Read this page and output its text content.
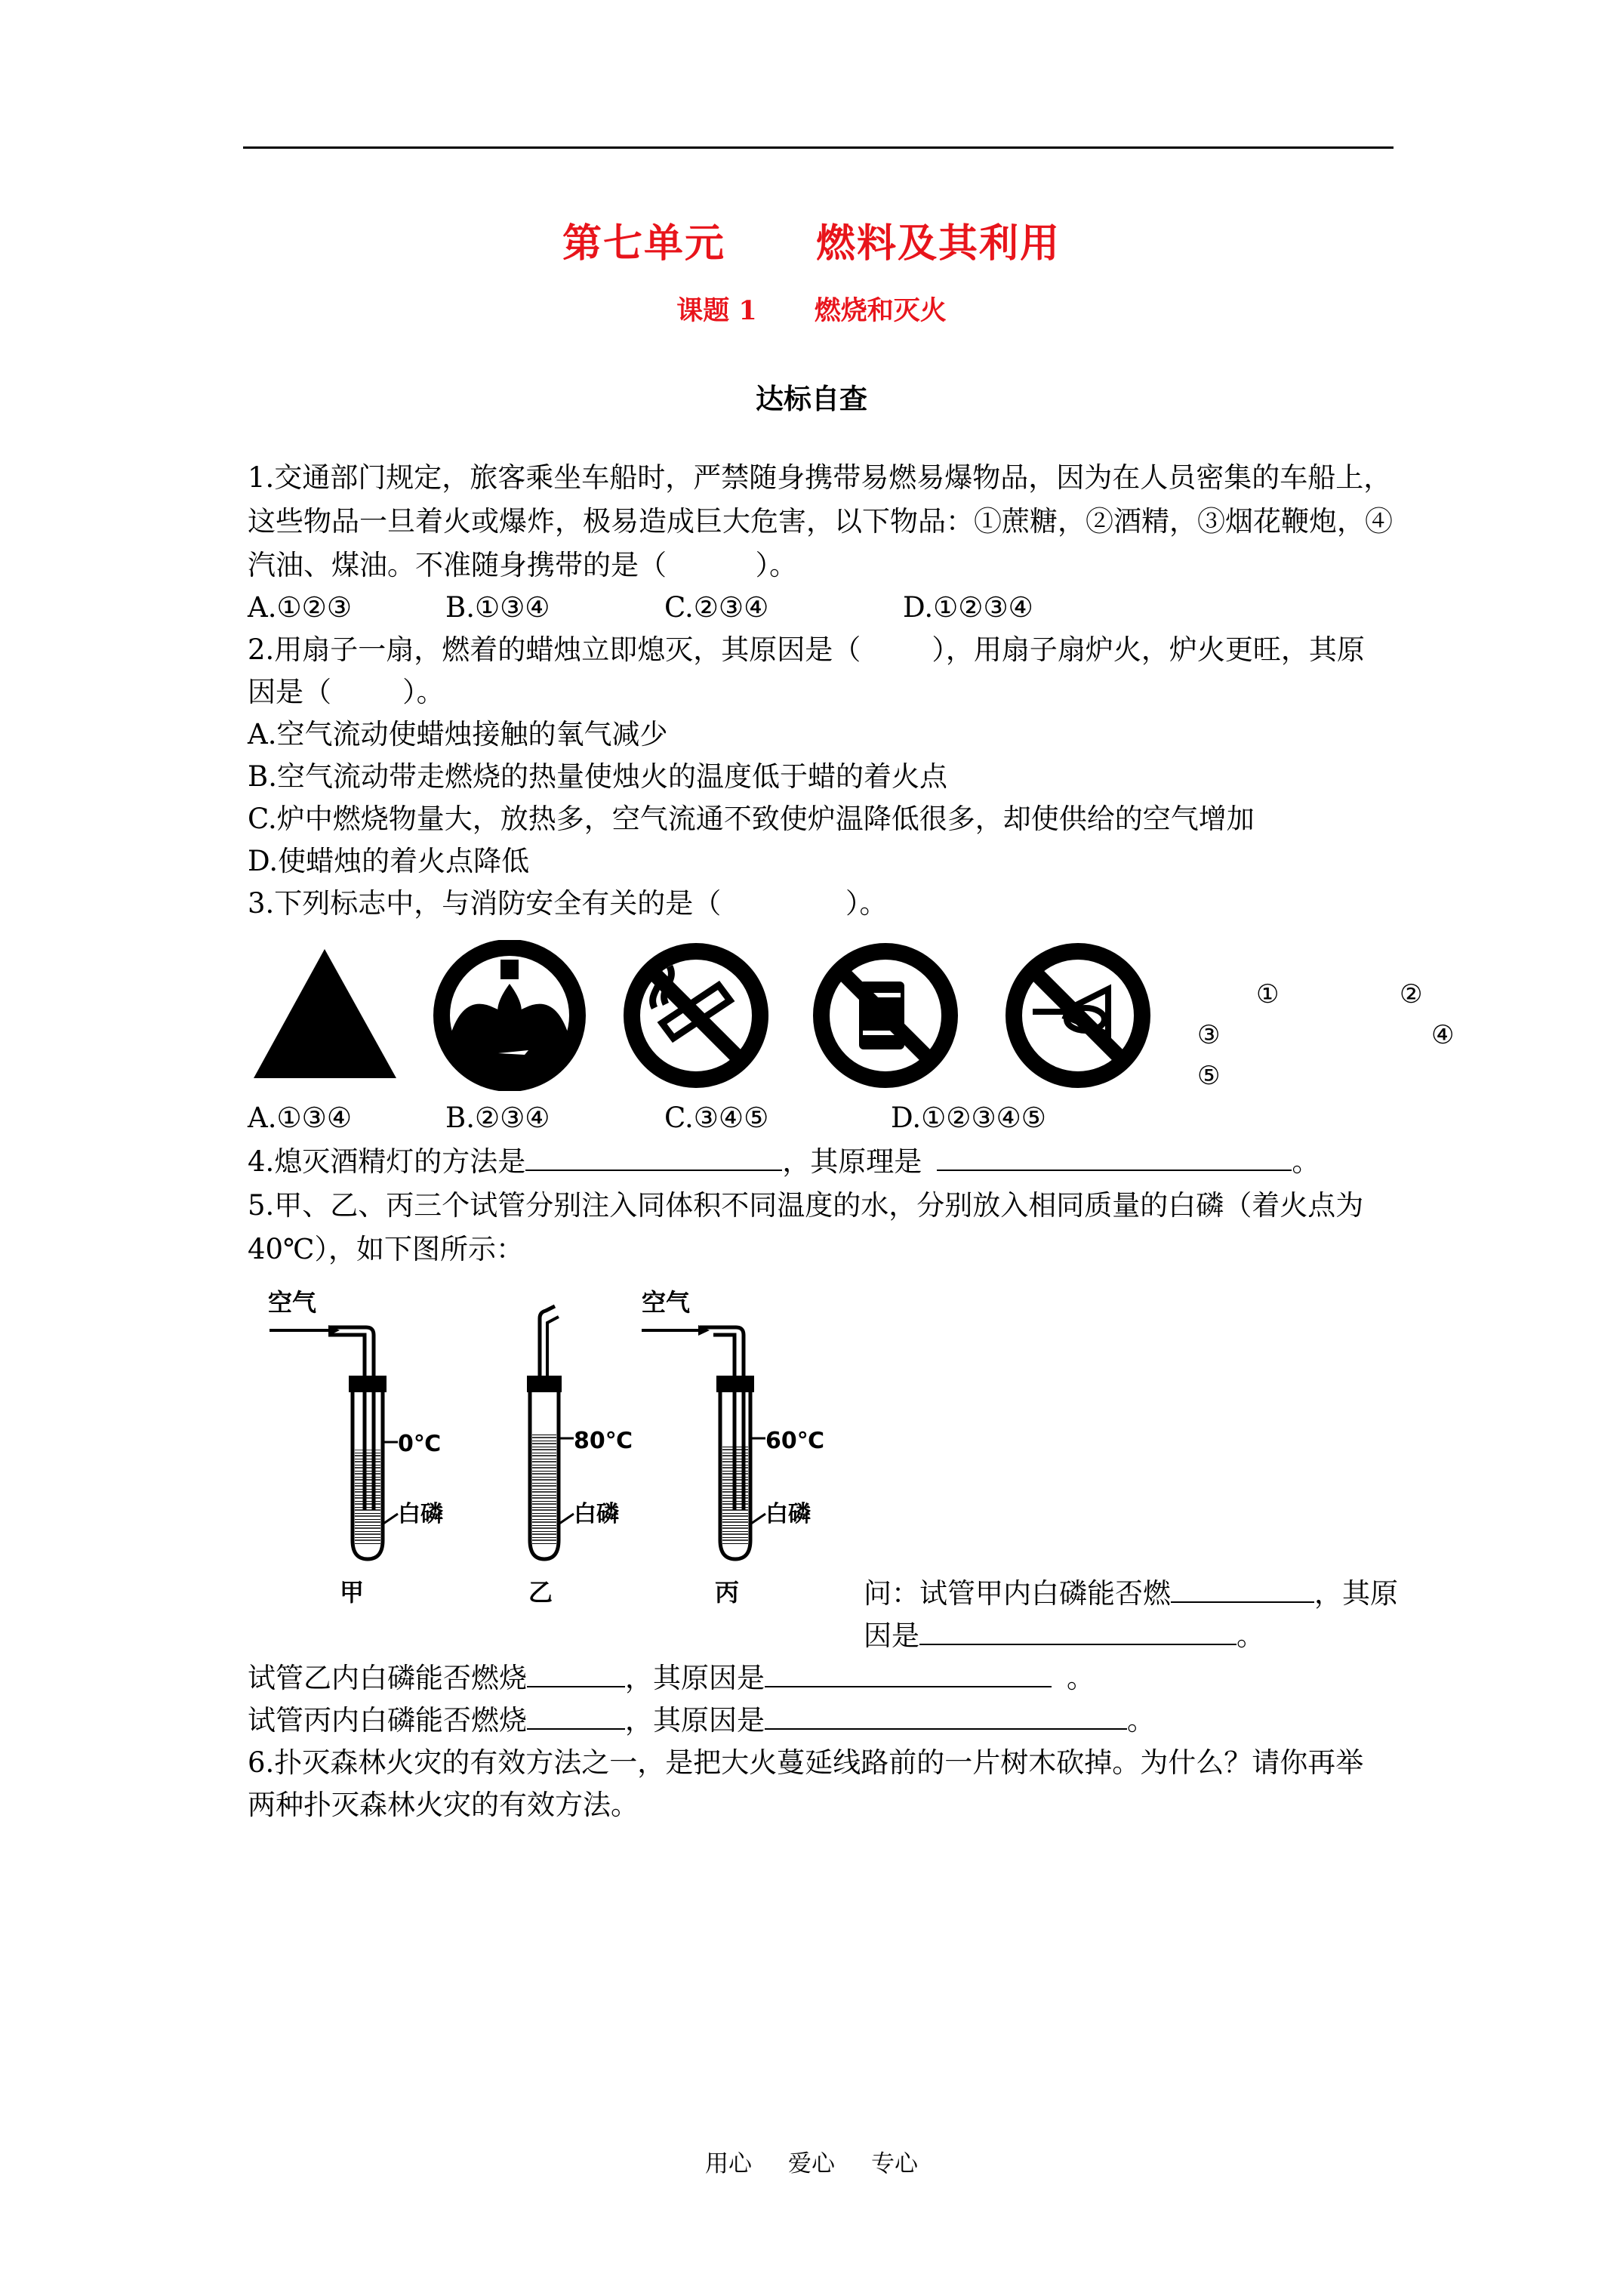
第七单元 燃料及其利用
课题 1 燃烧和灭火
达标自查
1.交通部门规定，旅客乘坐车船时，严禁随身携带易燃易爆物品，因为在人员密集的车船上，
这些物品一旦着火或爆炸，极易造成巨大危害，以下物品：①蔗糖，②酒精，③烟花鞭炮，④
汽油、煤油。不准随身携带的是（          ）。
A.①②③	B.①③④	C.②③④	D.①②③④
2.用扇子一扇，燃着的蜡烛立即熄灭，其原因是（        ），用扇子扇炉火，炉火更旺，其原
因是（        ）。
A.空气流动使蜡烛接触的氧气减少
B.空气流动带走燃烧的热量使烛火的温度低于蜡的着火点
C.炉中燃烧物量大，放热多，空气流通不致使炉温降低很多，却使供给的空气增加
D.使蜡烛的着火点降低
3.下列标志中，与消防安全有关的是（              ）。
①	②
③	④
⑤
A.①③④	B.②③④	C.③④⑤	D.①②③④⑤
4.熄灭酒精灯的方法是	，其原理是	。
5.甲、乙、丙三个试管分别注入同体积不同温度的水，分别放入相同质量的白磷（着火点为
40℃），如下图所示：
空气
0℃
白磷
甲
80℃
白磷
乙
空气
60℃
白磷
丙	问：试管甲内白磷能否燃	，其原
因是	。
试管乙内白磷能否燃烧	，其原因是	。
试管丙内白磷能否燃烧	，其原因是	。
6.扑灭森林火灾的有效方法之一，是把大火蔓延线路前的一片树木砍掉。为什么？请你再举
两种扑灭森林火灾的有效方法。
用心 爱心 专心
